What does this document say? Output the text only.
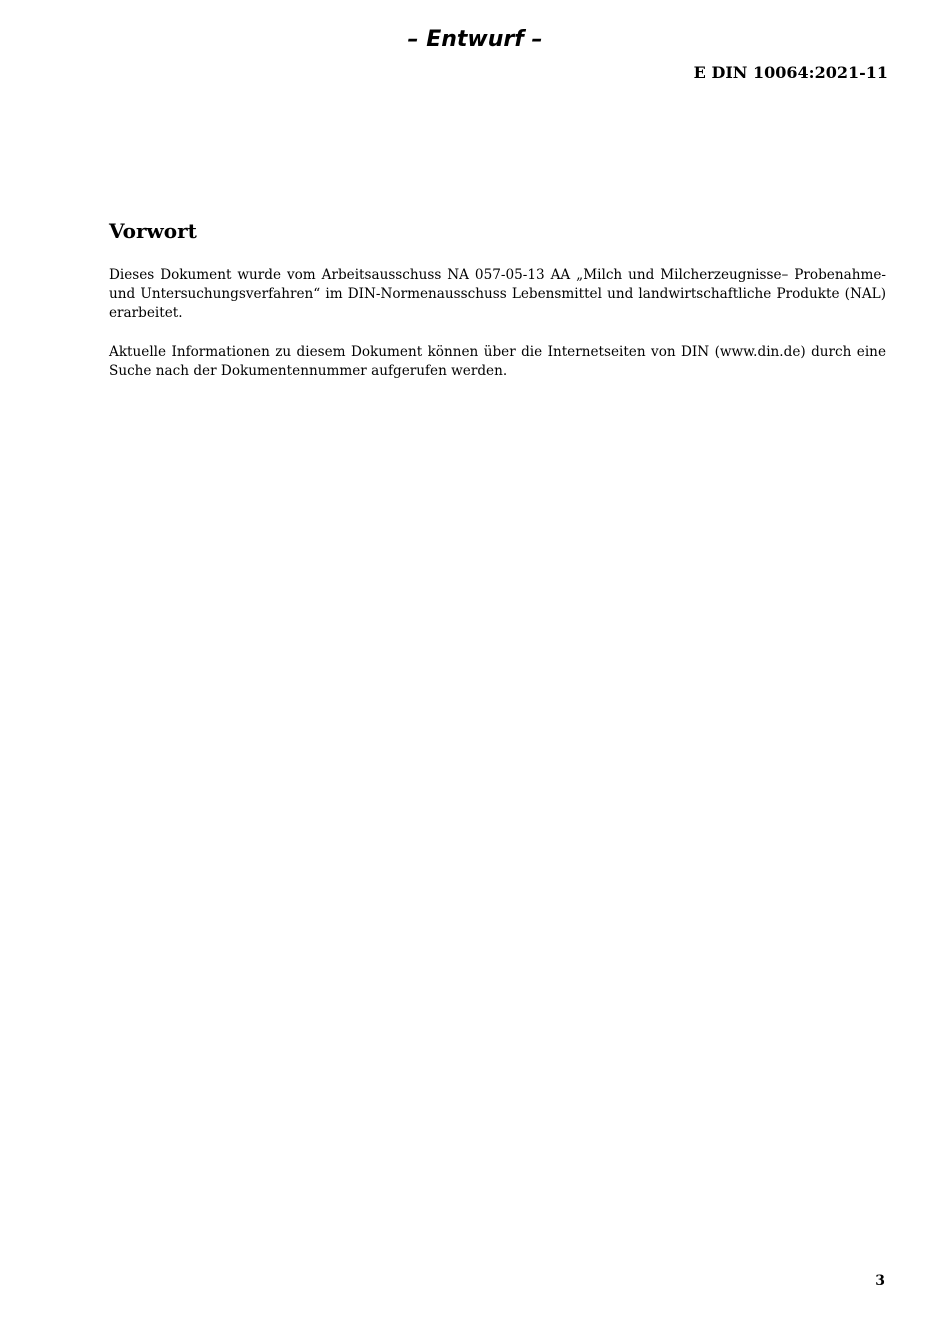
– Entwurf –
E DIN 10064:2021-11
Vorwort

Dieses Dokument wurde vom Arbeitsausschuss NA 057-05-13 AA „Milch und Milcherzeugnisse– Probenahme- und Untersuchungsverfahren“ im DIN-Normenausschuss Lebensmittel und landwirtschaftliche Produkte (NAL) erarbeitet.

Aktuelle Informationen zu diesem Dokument können über die Internetseiten von DIN (www.din.de) durch eine Suche nach der Dokumentennummer aufgerufen werden.

3
